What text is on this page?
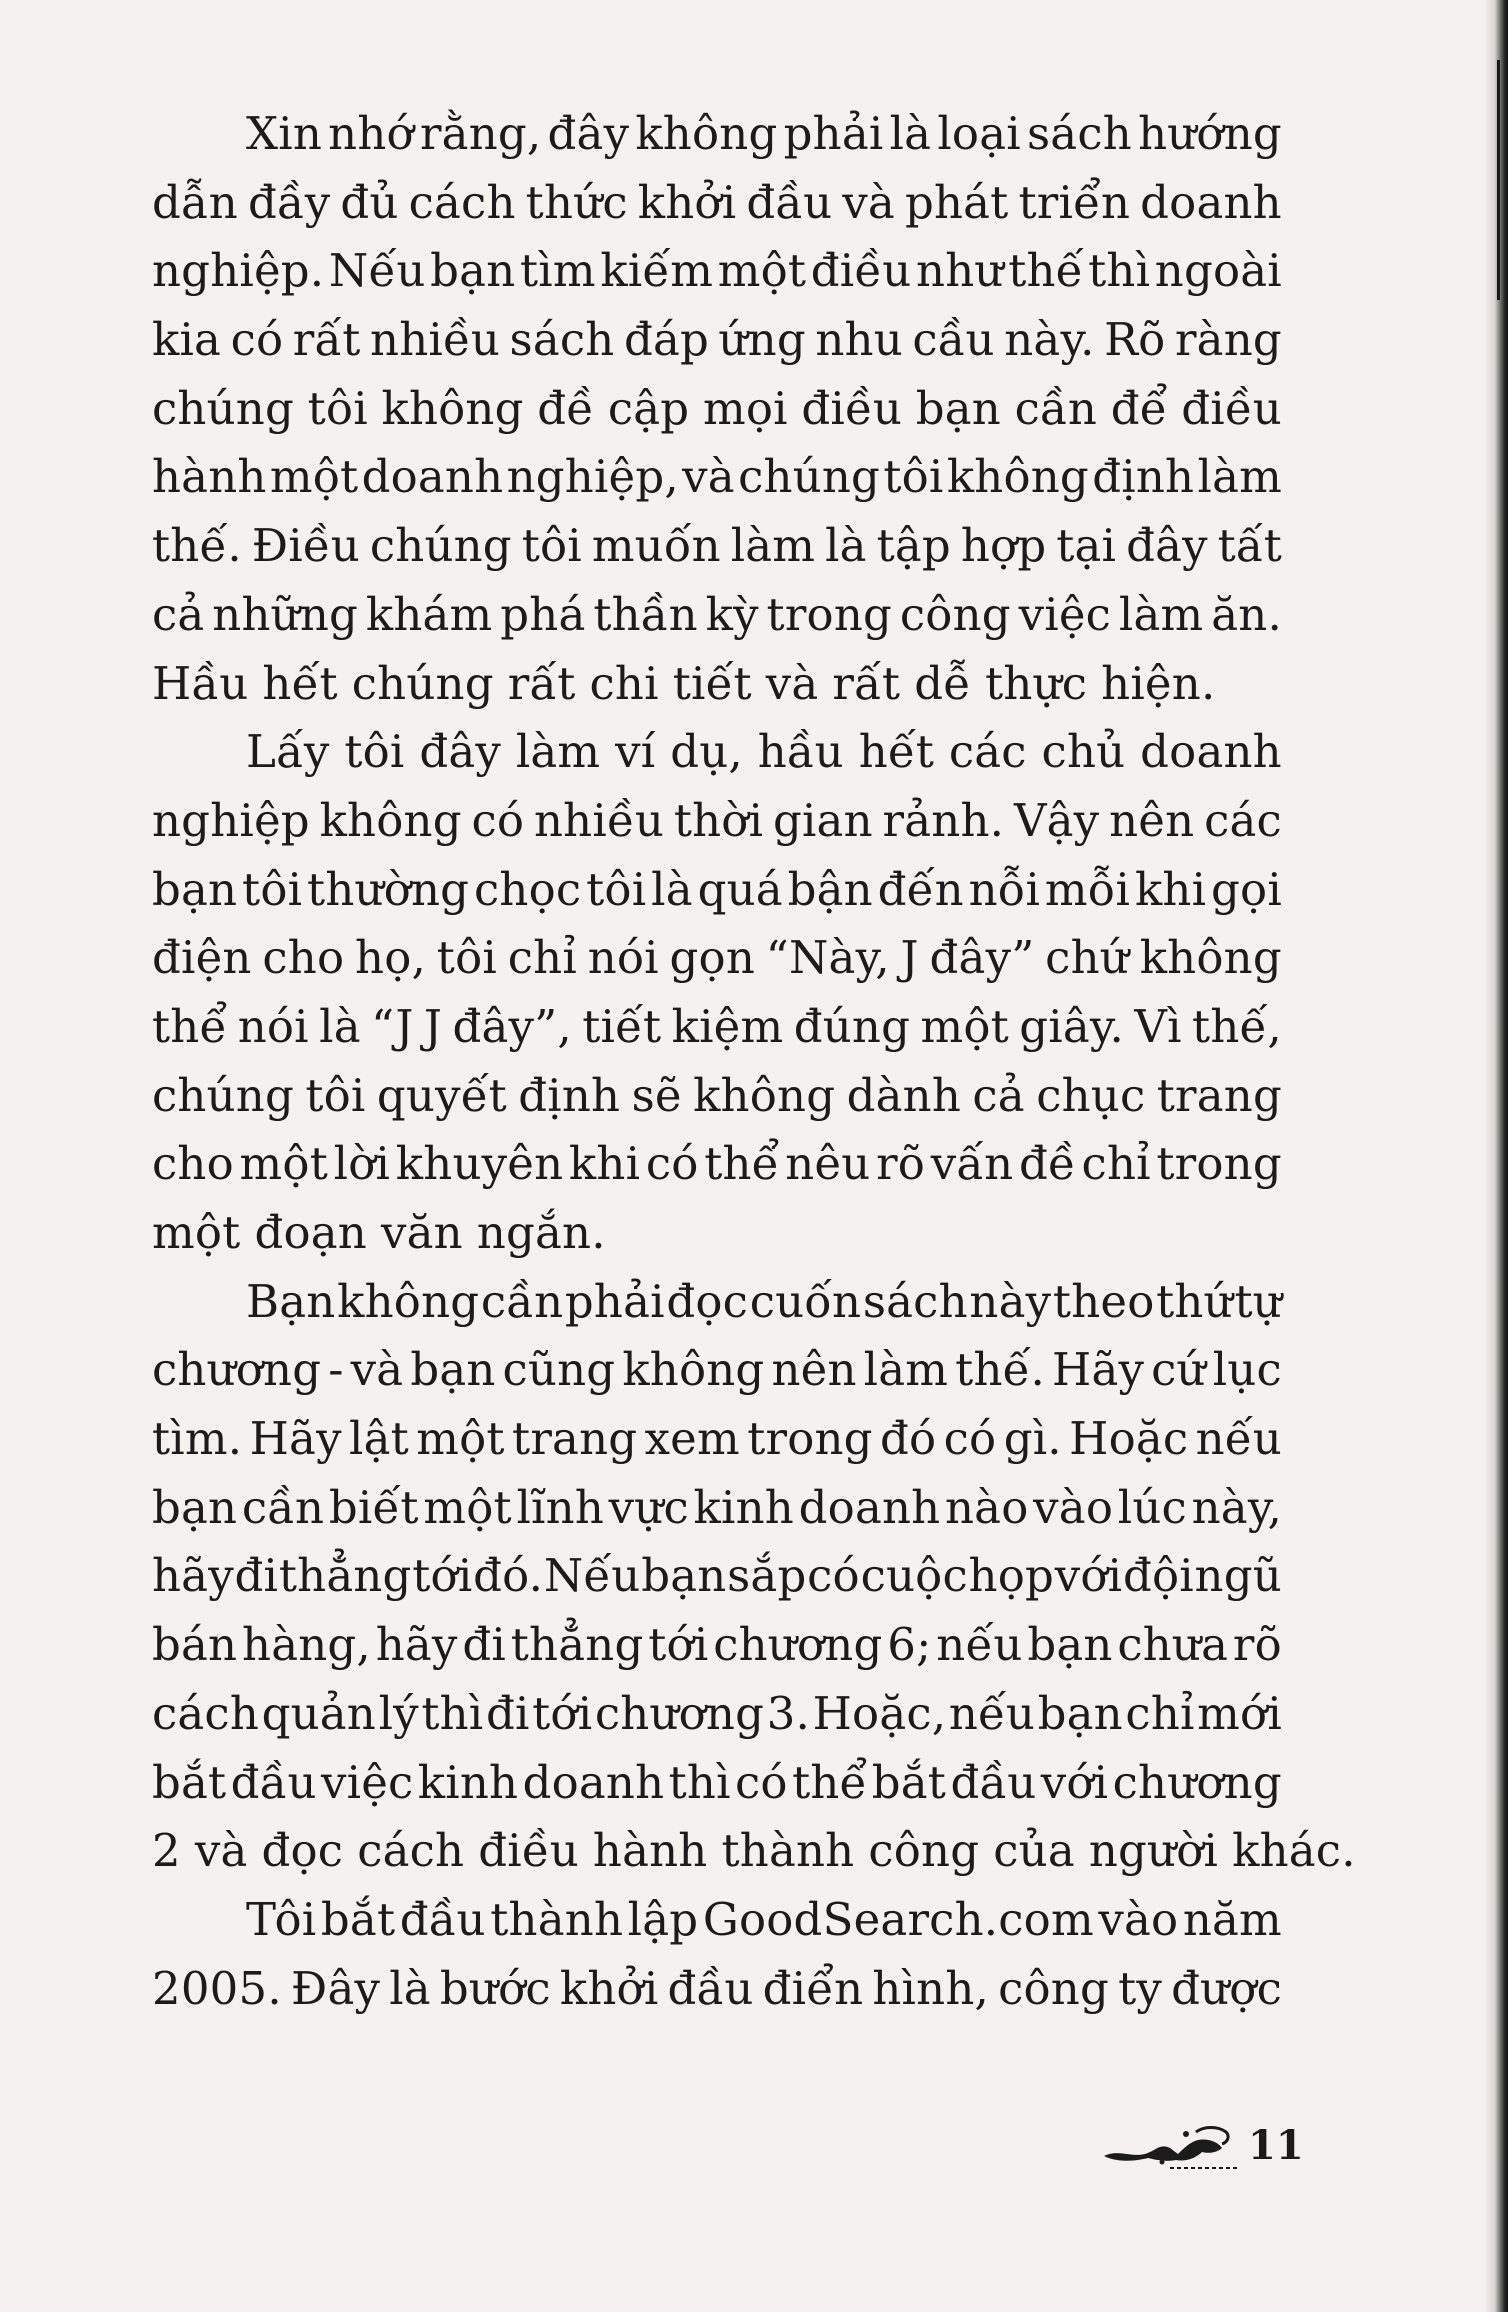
Xin nhớ rằng, đây không phải là loại sách hướng
dẫn đầy đủ cách thức khởi đầu và phát triển doanh
nghiệp. Nếu bạn tìm kiếm một điều như thế thì ngoài
kia có rất nhiều sách đáp ứng nhu cầu này. Rõ ràng
chúng tôi không đề cập mọi điều bạn cần để điều
hành một doanh nghiệp, và chúng tôi không định làm
thế. Điều chúng tôi muốn làm là tập hợp tại đây tất
cả những khám phá thần kỳ trong công việc làm ăn.
Hầu hết chúng rất chi tiết và rất dễ thực hiện.
Lấy tôi đây làm ví dụ, hầu hết các chủ doanh
nghiệp không có nhiều thời gian rảnh. Vậy nên các
bạn tôi thường chọc tôi là quá bận đến nỗi mỗi khi gọi
điện cho họ, tôi chỉ nói gọn “Này, J đây” chứ không
thể nói là “J J đây”, tiết kiệm đúng một giây. Vì thế,
chúng tôi quyết định sẽ không dành cả chục trang
cho một lời khuyên khi có thể nêu rõ vấn đề chỉ trong
một đoạn văn ngắn.
Bạn không cần phải đọc cuốn sách này theo thứ tự
chương - và bạn cũng không nên làm thế. Hãy cứ lục
tìm. Hãy lật một trang xem trong đó có gì. Hoặc nếu
bạn cần biết một lĩnh vực kinh doanh nào vào lúc này,
hãy đi thẳng tới đó. Nếu bạn sắp có cuộc họp với đội ngũ
bán hàng, hãy đi thẳng tới chương 6; nếu bạn chưa rõ
cách quản lý thì đi tới chương 3. Hoặc, nếu bạn chỉ mới
bắt đầu việc kinh doanh thì có thể bắt đầu với chương
2 và đọc cách điều hành thành công của người khác.
Tôi bắt đầu thành lập GoodSearch.com vào năm
2005. Đây là bước khởi đầu điển hình, công ty được
11
